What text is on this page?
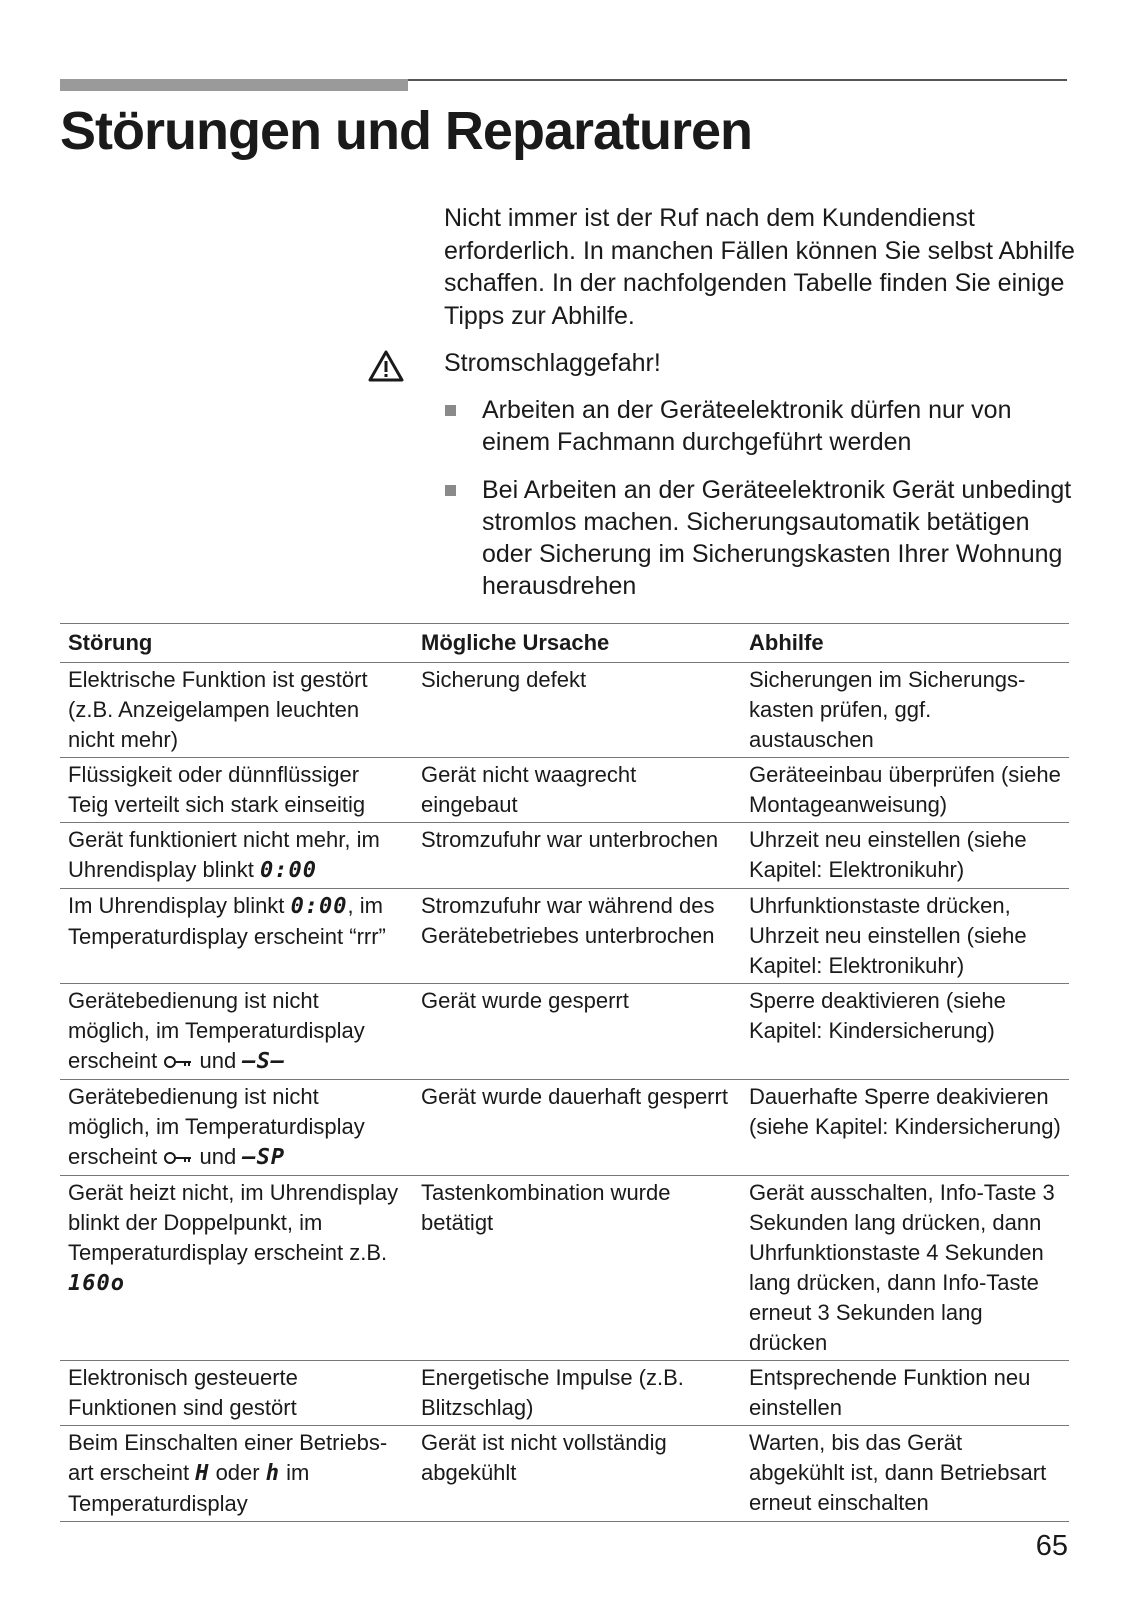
Störungen und Reparaturen
Nicht immer ist der Ruf nach dem Kundendienst erforderlich. In manchen Fällen können Sie selbst Abhilfe schaffen. In der nachfolgenden Tabelle finden Sie einige Tipps zur Abhilfe.
Stromschlaggefahr!
Arbeiten an der Geräteelektronik dürfen nur von einem Fachmann durchgeführt werden
Bei Arbeiten an der Geräteelektronik Gerät unbedingt stromlos machen. Sicherungsautomatik betätigen oder Sicherung im Sicherungskasten Ihrer Wohnung herausdrehen
Störung	Mögliche Ursache	Abhilfe
Elektrische Funktion ist gestört (z.B. Anzeigelampen leuchten nicht mehr)	Sicherung defekt	Sicherungen im Sicherungs-kasten prüfen, ggf. austauschen
Flüssigkeit oder dünnflüssiger Teig verteilt sich stark einseitig	Gerät nicht waagrecht eingebaut	Geräteeinbau überprüfen (siehe Montageanweisung)
Gerät funktioniert nicht mehr, im Uhrendisplay blinkt 0:00	Stromzufuhr war unterbrochen	Uhrzeit neu einstellen (siehe Kapitel: Elektronikuhr)
Im Uhrendisplay blinkt 0:00, im Temperaturdisplay erscheint “rrr”	Stromzufuhr war während des Gerätebetriebes unterbrochen	Uhrfunktionstaste drücken, Uhrzeit neu einstellen (siehe Kapitel: Elektronikuhr)
Gerätebedienung ist nicht möglich, im Temperaturdisplay erscheint und –S–	Gerät wurde gesperrt	Sperre deaktivieren (siehe Kapitel: Kindersicherung)
Gerätebedienung ist nicht möglich, im Temperaturdisplay erscheint und –SP	Gerät wurde dauerhaft gesperrt	Dauerhafte Sperre deakivieren (siehe Kapitel: Kindersicherung)
Gerät heizt nicht, im Uhrendisplay blinkt der Doppelpunkt, im Temperaturdisplay erscheint z.B. 160o	Tastenkombination wurde betätigt	Gerät ausschalten, Info-Taste 3 Sekunden lang drücken, dann Uhrfunktionstaste 4 Sekunden lang drücken, dann Info-Taste erneut 3 Sekunden lang drücken
Elektronisch gesteuerte Funktionen sind gestört	Energetische Impulse (z.B. Blitzschlag)	Entsprechende Funktion neu einstellen
Beim Einschalten einer Betriebs-art erscheint H oder h im Temperaturdisplay	Gerät ist nicht vollständig abgekühlt	Warten, bis das Gerät abgekühlt ist, dann Betriebsart erneut einschalten
65
